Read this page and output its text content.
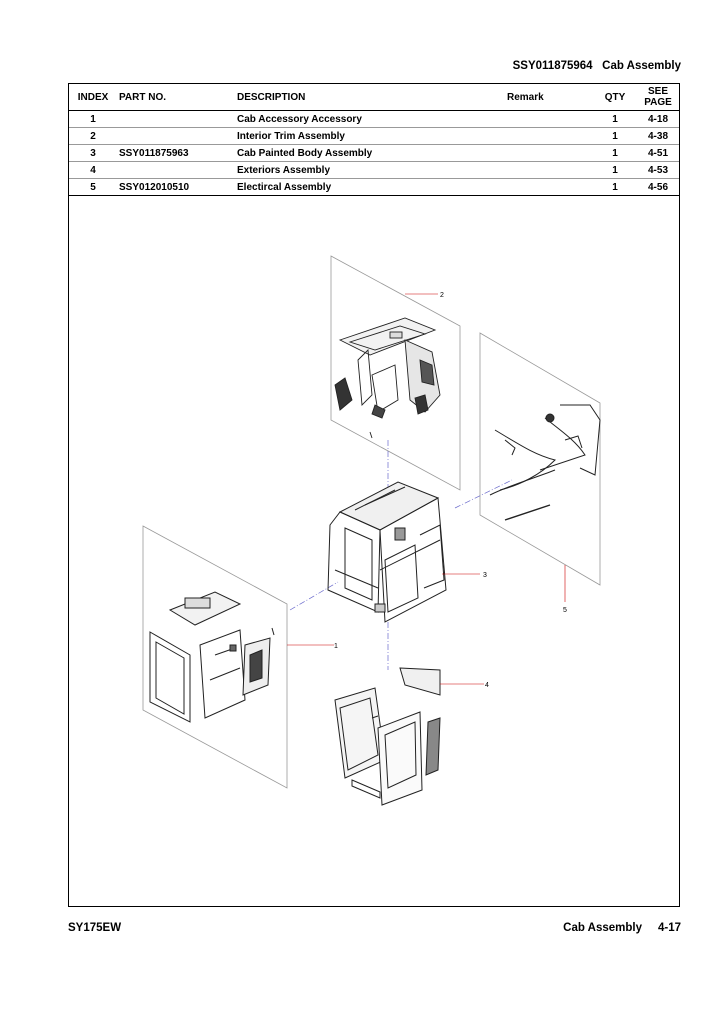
SSY011875964 Cab Assembly
INDEX	PART NO.	DESCRIPTION	Remark	QTY	SEE
PAGE
1		Cab Accessory Accessory		1	4-18
2		Interior Trim Assembly		1	4-38
3	SSY011875963	Cab Painted Body Assembly		1	4-51
4		Exteriors Assembly		1	4-53
5	SSY012010510	Electircal Assembly		1	4-56
2
3
1
4
5
SY175EW	Cab Assembly 4-17
